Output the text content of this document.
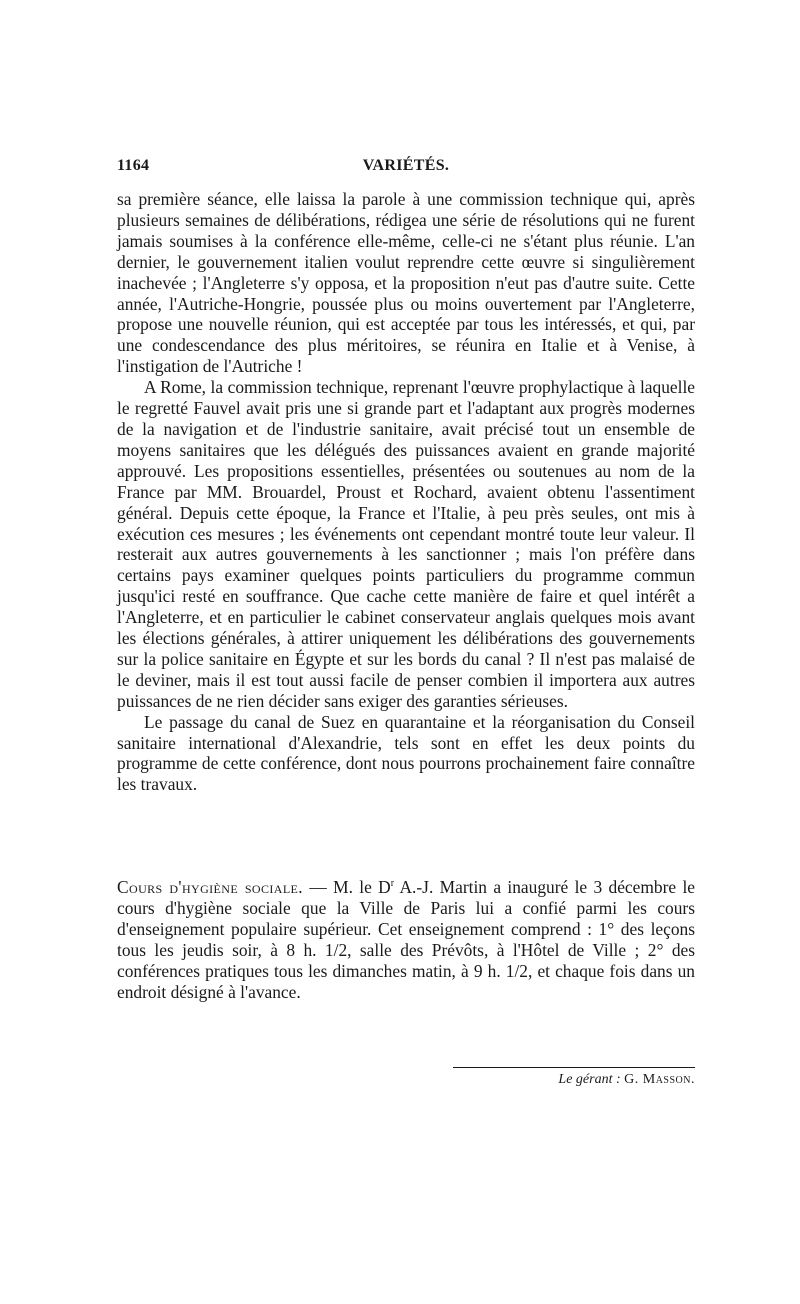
1164	VARIÉTÉS.

sa première séance, elle laissa la parole à une commission technique qui, après plusieurs semaines de délibérations, rédigea une série de résolutions qui ne furent jamais soumises à la conférence elle-même, celle-ci ne s'étant plus réunie. L'an dernier, le gouvernement italien voulut reprendre cette œuvre si singulièrement inachevée ; l'Angleterre s'y opposa, et la proposition n'eut pas d'autre suite. Cette année, l'Autriche-Hongrie, poussée plus ou moins ouvertement par l'Angleterre, propose une nouvelle réunion, qui est acceptée par tous les intéressés, et qui, par une condescendance des plus méritoires, se réunira en Italie et à Venise, à l'instigation de l'Autriche !

A Rome, la commission technique, reprenant l'œuvre prophylactique à laquelle le regretté Fauvel avait pris une si grande part et l'adaptant aux progrès modernes de la navigation et de l'industrie sanitaire, avait précisé tout un ensemble de moyens sanitaires que les délégués des puissances avaient en grande majorité approuvé. Les propositions essentielles, présentées ou soutenues au nom de la France par MM. Brouardel, Proust et Rochard, avaient obtenu l'assentiment général. Depuis cette époque, la France et l'Italie, à peu près seules, ont mis à exécution ces mesures ; les événements ont cependant montré toute leur valeur. Il resterait aux autres gouvernements à les sanctionner ; mais l'on préfère dans certains pays examiner quelques points particuliers du programme commun jusqu'ici resté en souffrance. Que cache cette manière de faire et quel intérêt a l'Angleterre, et en particulier le cabinet conservateur anglais quelques mois avant les élections générales, à attirer uniquement les délibérations des gouvernements sur la police sanitaire en Égypte et sur les bords du canal ? Il n'est pas malaisé de le deviner, mais il est tout aussi facile de penser combien il importera aux autres puissances de ne rien décider sans exiger des garanties sérieuses.

Le passage du canal de Suez en quarantaine et la réorganisation du Conseil sanitaire international d'Alexandrie, tels sont en effet les deux points du programme de cette conférence, dont nous pourrons prochainement faire connaître les travaux.

Cours d'hygiène sociale. — M. le $D^r$ A.-J. Martin a inauguré le 3 décembre le cours d'hygiène sociale que la Ville de Paris lui a confié parmi les cours d'enseignement populaire supérieur. Cet enseignement comprend : 1° des leçons tous les jeudis soir, à 8 h. 1/2, salle des Prévôts, à l'Hôtel de Ville ; 2° des conférences pratiques tous les dimanches matin, à 9 h. 1/2, et chaque fois dans un endroit désigné à l'avance.

Le gérant : G. Masson.
